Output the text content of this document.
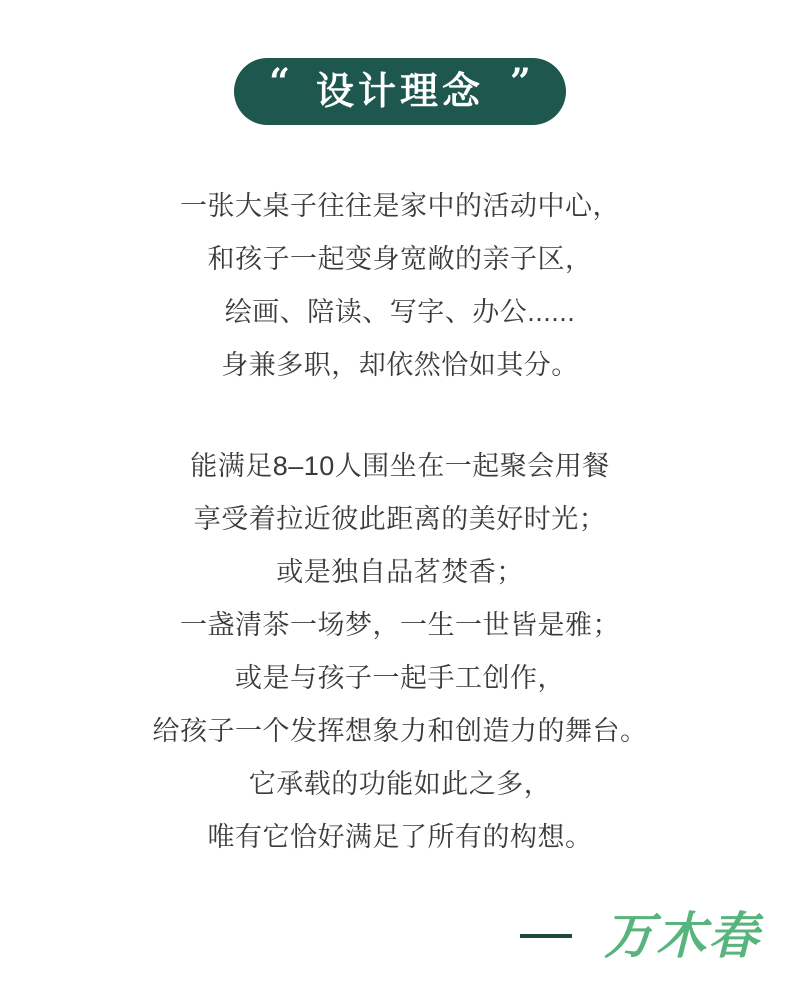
“ 设计理念 ”
一张大桌子往往是家中的活动中心，
和孩子一起变身宽敞的亲子区，
绘画、陪读、写字、办公......
身兼多职，却依然恰如其分。
能满足8–10人围坐在一起聚会用餐
享受着拉近彼此距离的美好时光；
或是独自品茗焚香；
一盏清茶一场梦，一生一世皆是雅；
或是与孩子一起手工创作，
给孩子一个发挥想象力和创造力的舞台。
它承载的功能如此之多，
唯有它恰好满足了所有的构想。
万木春
